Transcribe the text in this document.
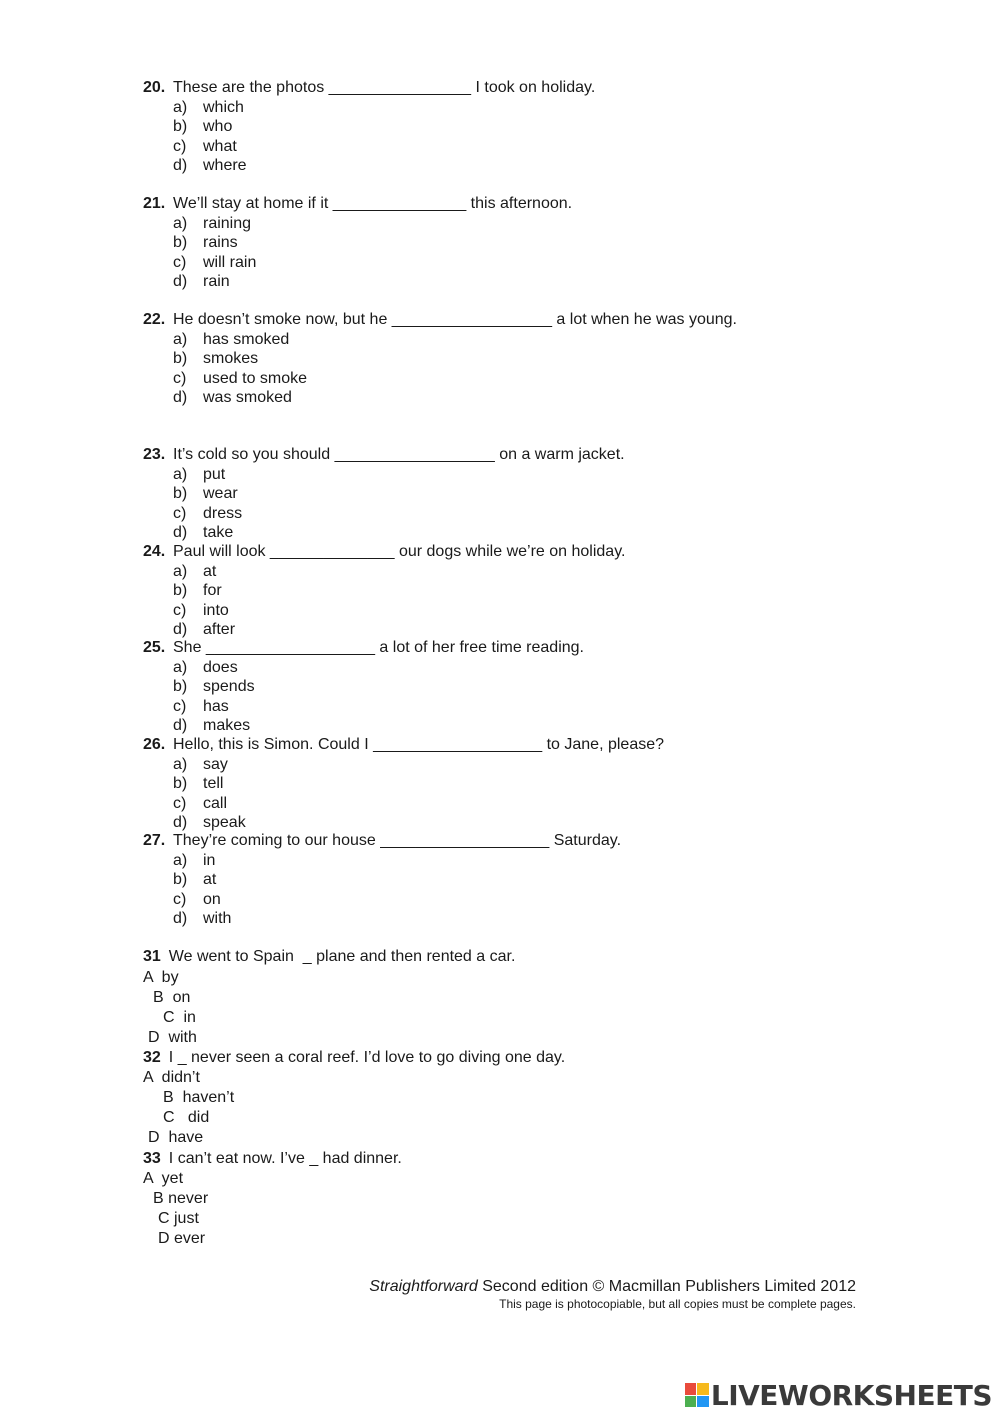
20. These are the photos ________________ I took on holiday.
a) which
b) who
c) what
d) where
21. We’ll stay at home if it _______________ this afternoon.
a) raining
b) rains
c) will rain
d) rain
22. He doesn’t smoke now, but he __________________ a lot when he was young.
a) has smoked
b) smokes
c) used to smoke
d) was smoked
23. It’s cold so you should __________________ on a warm jacket.
a) put
b) wear
c) dress
d) take
24. Paul will look ______________ our dogs while we’re on holiday.
a) at
b) for
c) into
d) after
25. She ___________________ a lot of her free time reading.
a) does
b) spends
c) has
d) makes
26. Hello, this is Simon. Could I ___________________ to Jane, please?
a) say
b) tell
c) call
d) speak
27. They’re coming to our house ___________________ Saturday.
a) in
b) at
c) on
d) with
31 We went to Spain  _ plane and then rented a car.
A  by
B  on
C  in
D  with
32 I _ never seen a coral reef. I’d love to go diving one day.
A  didn’t
B  haven’t
C   did
D  have
33 I can’t eat now. I’ve _ had dinner.
A  yet
B never
C just
D ever
Straightforward Second edition © Macmillan Publishers Limited 2012
This page is photocopiable, but all copies must be complete pages.
LIVEWORKSHEETS
